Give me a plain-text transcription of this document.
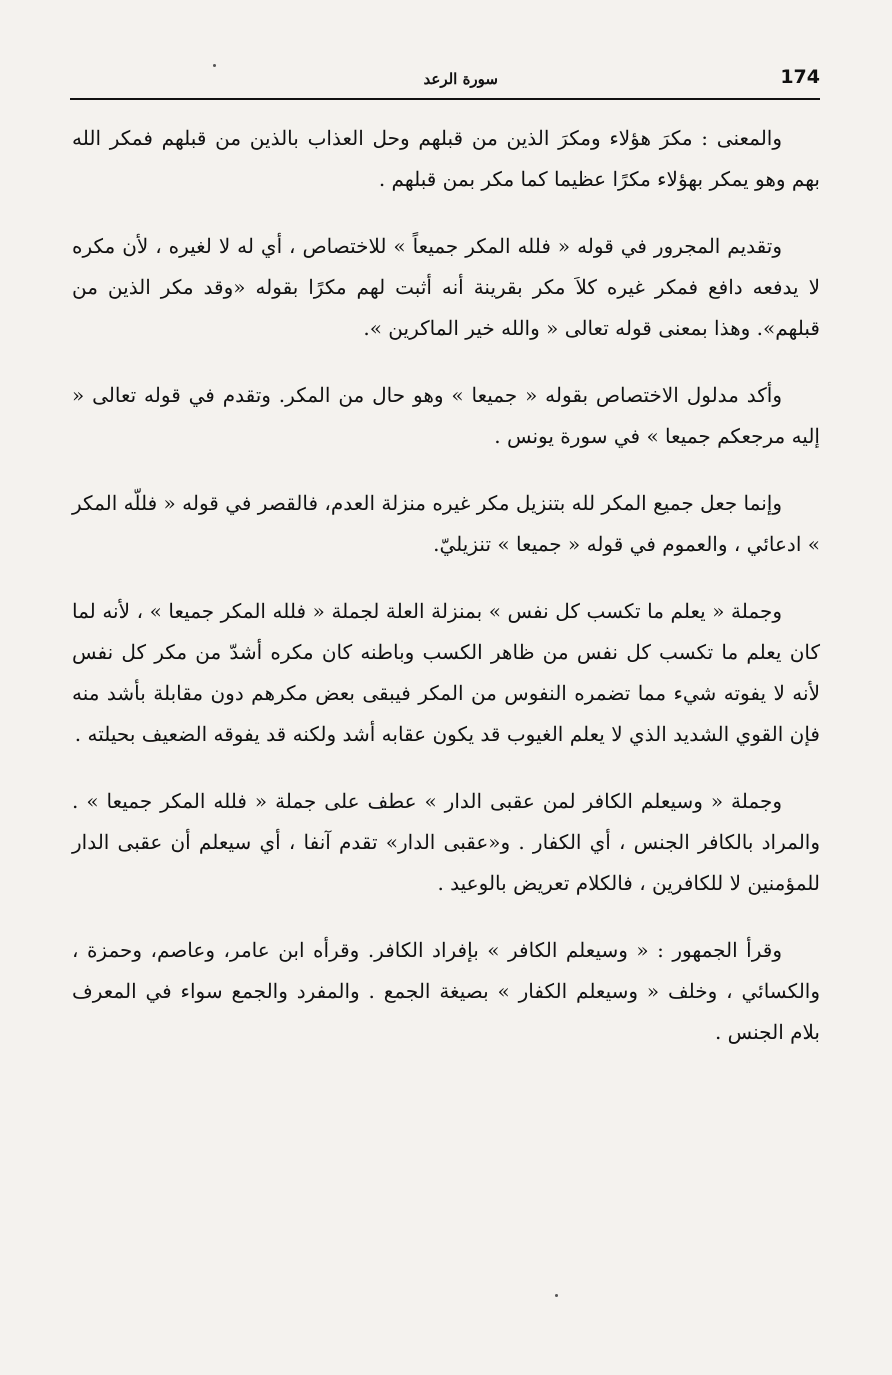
174
سورة الرعد

والمعنى : مكرَ هؤلاء ومكرَ الذين من قبلهم وحل العذاب بالذين من قبلهم فمكر الله بهم وهو يمكر بهؤلاء مكرًا عظيما كما مكر بمن قبلهم .

وتقديم المجرور في قوله « فلله المكر جميعاً » للاختصاص ، أي له لا لغيره ، لأن مكره لا يدفعه دافع فمكر غيره كلاَ مكر بقرينة أنه أثبت لهم مكرًا بقوله «وقد مكر الذين من قبلهم». وهذا بمعنى قوله تعالى « والله خير الماكرين ».

وأكد مدلول الاختصاص بقوله « جميعا » وهو حال من المكر. وتقدم في قوله تعالى « إليه مرجعكم جميعا » في سورة يونس .

وإنما جعل جميع المكر لله بتنزيل مكر غيره منزلة العدم، فالقصر في قوله « فللّه المكر » ادعائي ، والعموم في قوله « جميعا » تنزيليّ.

وجملة « يعلم ما تكسب كل نفس » بمنزلة العلة لجملة « فلله المكر جميعا » ، لأنه لما كان يعلم ما تكسب كل نفس من ظاهر الكسب وباطنه كان مكره أشدّ من مكر كل نفس لأنه لا يفوته شيء مما تضمره النفوس من المكر فيبقى بعض مكرهم دون مقابلة بأشد منه فإن القوي الشديد الذي لا يعلم الغيوب قد يكون عقابه أشد ولكنه قد يفوقه الضعيف بحيلته .

وجملة « وسيعلم الكافر لمن عقبى الدار » عطف على جملة « فلله المكر جميعا » . والمراد بالكافر الجنس ، أي الكفار . و«عقبى الدار» تقدم آنفا ، أي سيعلم أن عقبى الدار للمؤمنين لا للكافرين ، فالكلام تعريض بالوعيد .

وقرأ الجمهور : « وسيعلم الكافر » بإفراد الكافر. وقرأه ابن عامر، وعاصم، وحمزة ، والكسائي ، وخلف « وسيعلم الكفار » بصيغة الجمع . والمفرد والجمع سواء في المعرف بلام الجنس .
